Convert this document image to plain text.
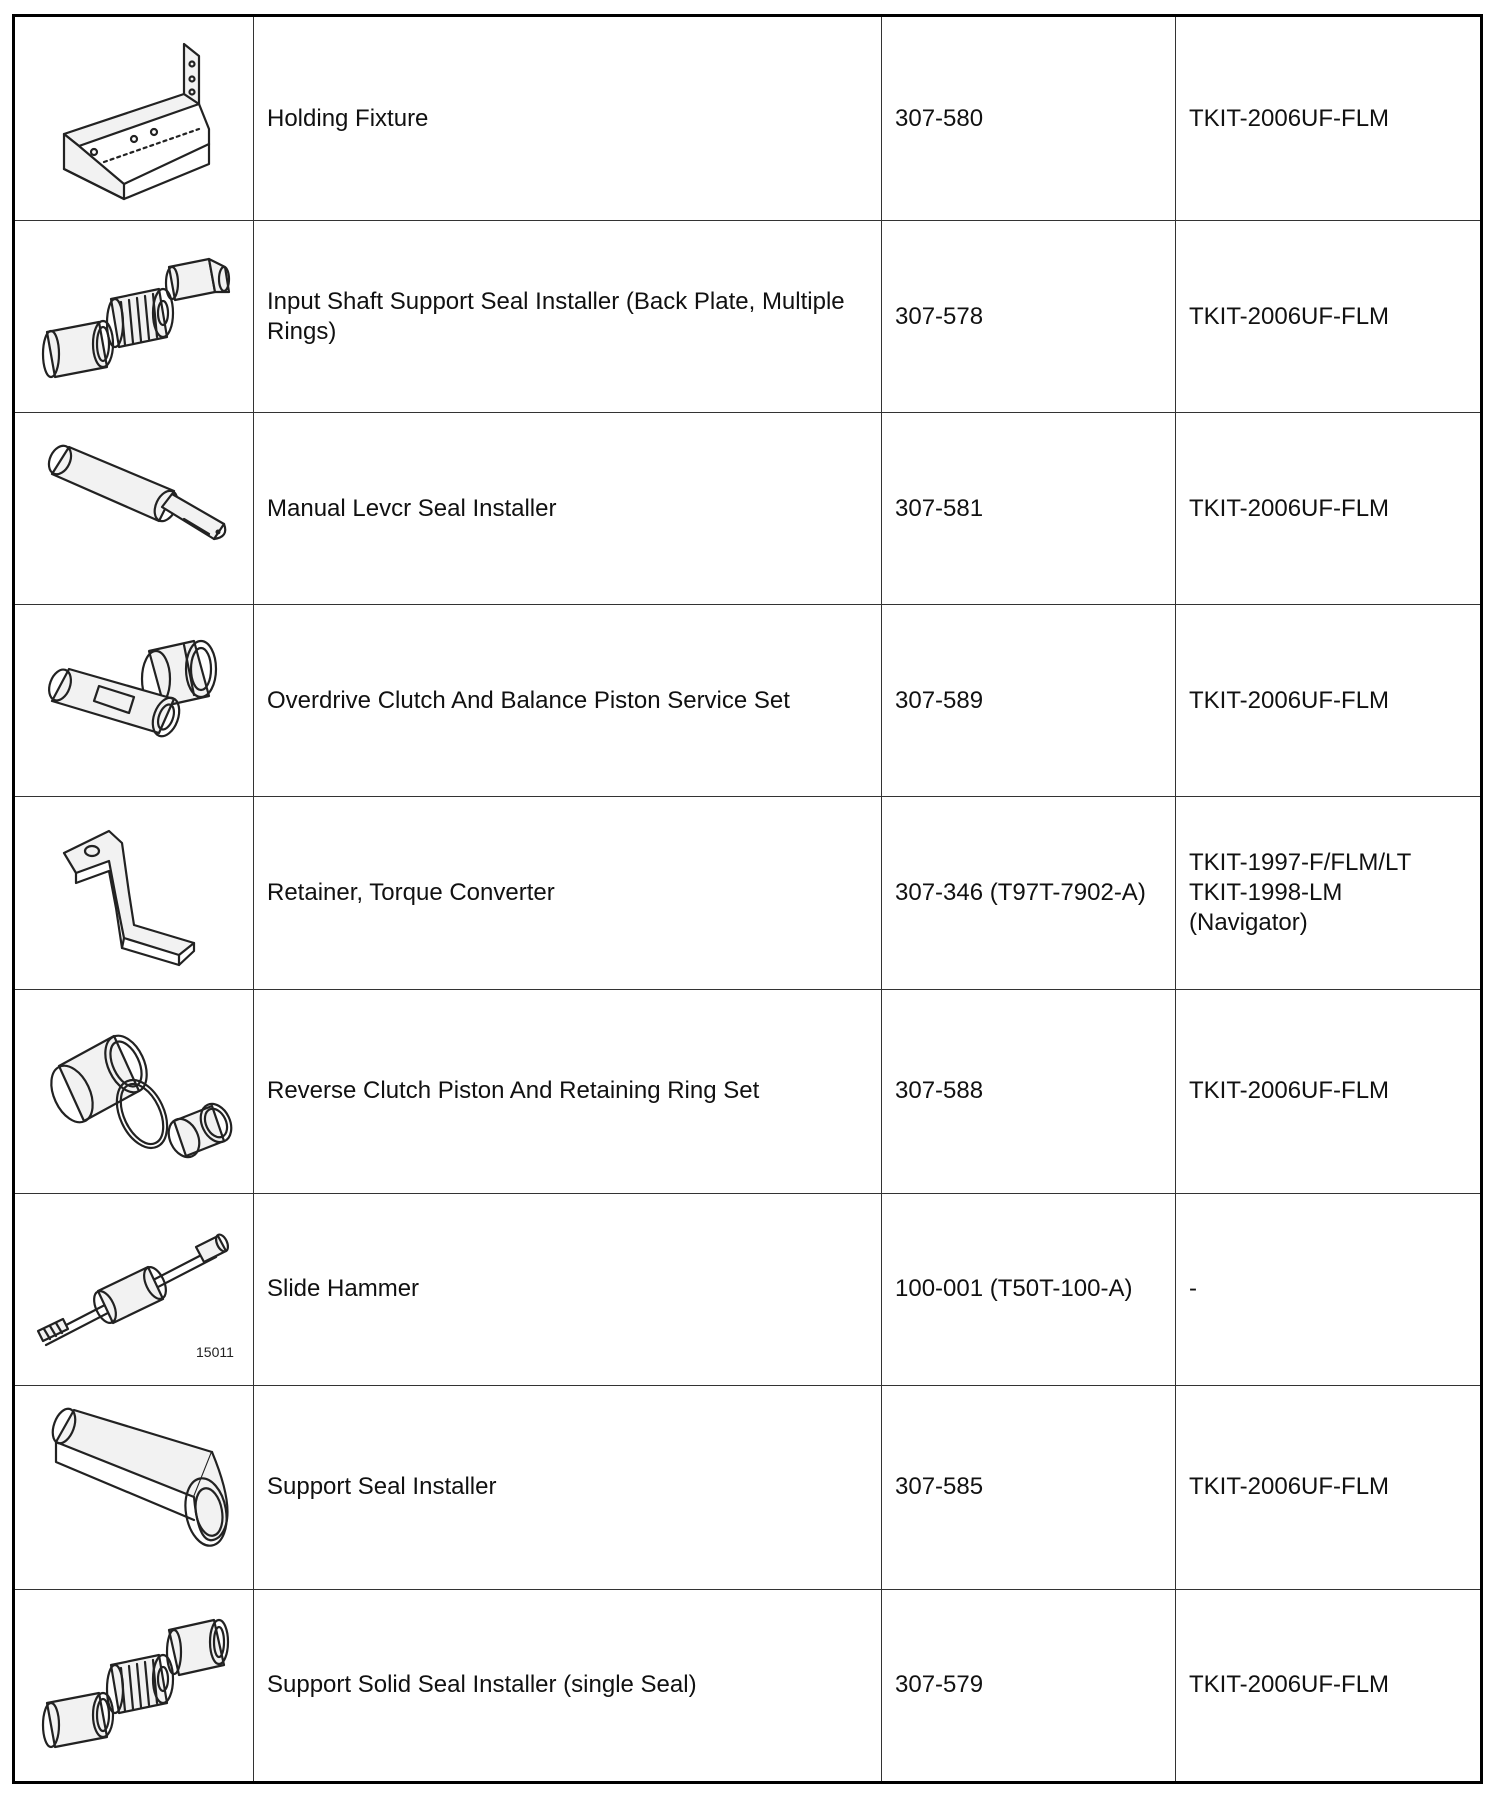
	Holding Fixture	307-580	TKIT-2006UF-FLM

	Input Shaft Support Seal Installer (Back Plate, Multiple Rings)	307-578	TKIT-2006UF-FLM

	Manual Levcr Seal Installer	307-581	TKIT-2006UF-FLM

	Overdrive Clutch And Balance Piston Service Set	307-589	TKIT-2006UF-FLM

	Retainer, Torque Converter	307-346 (T97T-7902-A)	TKIT-1997-F/FLM/LT
TKIT-1998-LM
(Navigator)

	Reverse Clutch Piston And Retaining Ring Set	307-588	TKIT-2006UF-FLM

15011	Slide Hammer	100-001 (T50T-100-A)	-

	Support Seal Installer	307-585	TKIT-2006UF-FLM

	Support Solid Seal Installer (single Seal)	307-579	TKIT-2006UF-FLM
